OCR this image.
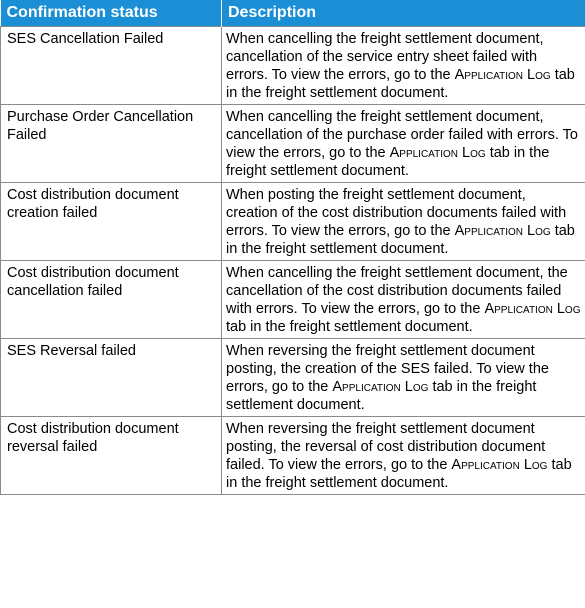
Confirmation status	Description
SES Cancellation Failed	When cancelling the freight settlement document, cancellation of the service entry sheet failed with errors. To view the errors, go to the Application Log tab in the freight settlement document.
Purchase Order Cancellation Failed	When cancelling the freight settlement document, cancellation of the purchase order failed with errors. To view the errors, go to the Application Log tab in the freight settlement document.
Cost distribution document creation failed	When posting the freight settlement document, creation of the cost distribution documents failed with errors. To view the errors, go to the Application Log tab in the freight settlement document.
Cost distribution document cancellation failed	When cancelling the freight settlement document, the cancellation of the cost distribution documents failed with errors. To view the errors, go to the Application Log tab in the freight settlement document.
SES Reversal failed	When reversing the freight settlement document posting, the creation of the SES failed. To view the errors, go to the Application Log tab in the freight settlement document.
Cost distribution document reversal failed	When reversing the freight settlement document posting, the reversal of cost distribution document failed. To view the errors, go to the Application Log tab in the freight settlement document.
